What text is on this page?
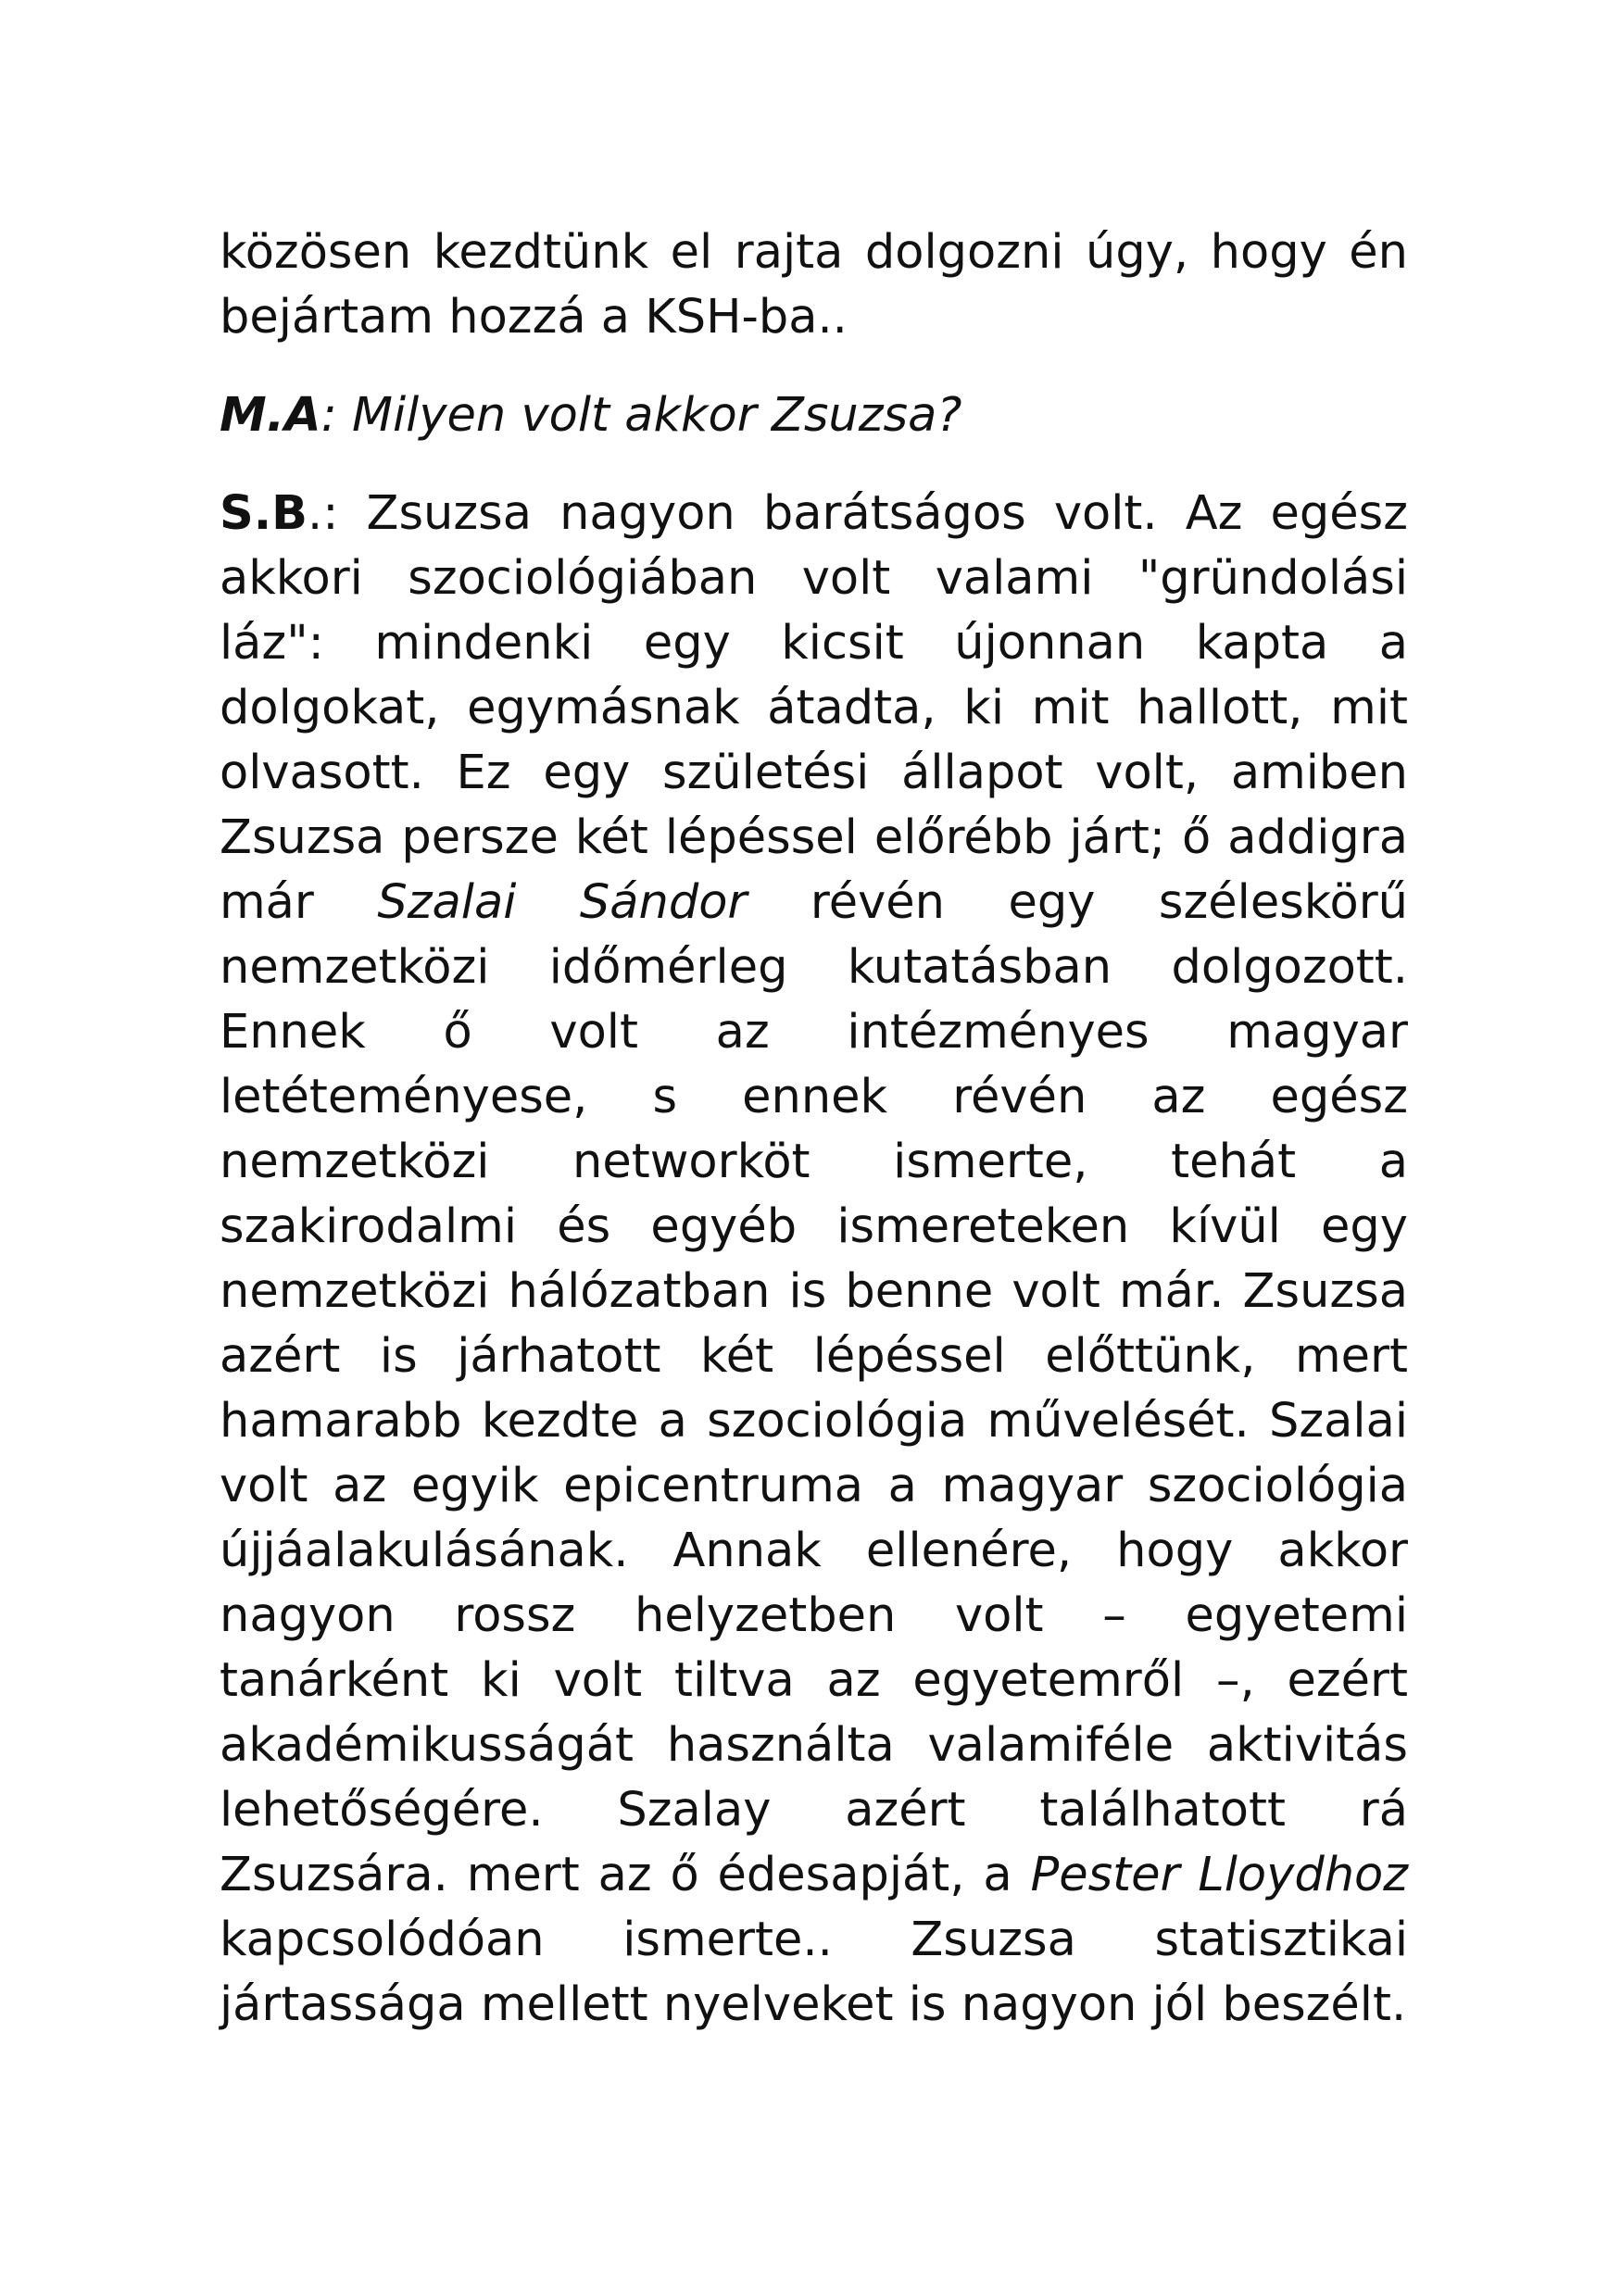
közösen kezdtünk el rajta dolgozni úgy, hogy én bejártam hozzá a KSH-ba..

M.A: Milyen volt akkor Zsuzsa?

S.B.: Zsuzsa nagyon barátságos volt. Az egész akkori szociológiában volt valami "gründolási láz": mindenki egy kicsit újonnan kapta a dolgokat, egymásnak átadta, ki mit hallott, mit olvasott. Ez egy születési állapot volt, amiben Zsuzsa persze két lépéssel előrébb járt; ő addigra már Szalai Sándor révén egy széleskörű nemzetközi időmérleg kutatásban dolgozott. Ennek ő volt az intézményes magyar letéteményese, s ennek révén az egész nemzetközi networköt ismerte, tehát a szakirodalmi és egyéb ismereteken kívül egy nemzetközi hálózatban is benne volt már. Zsuzsa azért is járhatott két lépéssel előttünk, mert hamarabb kezdte a szociológia művelését. Szalai volt az egyik epicentruma a magyar szociológia újjáalakulásának. Annak ellenére, hogy akkor nagyon rossz helyzetben volt – egyetemi tanárként ki volt tiltva az egyetemről –, ezért akadémikusságát használta valamiféle aktivitás lehetőségére. Szalay azért találhatott rá Zsuzsára. mert az ő édesapját, a Pester Lloydhoz kapcsolódóan ismerte.. Zsuzsa statisztikai jártassága mellett nyelveket is nagyon jól beszélt.
